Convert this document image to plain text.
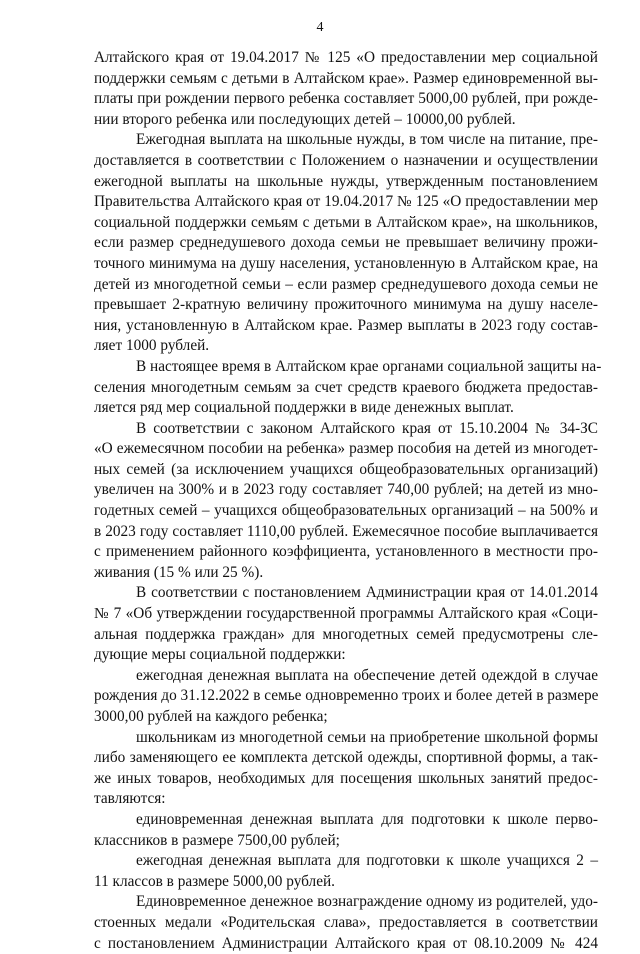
4
Алтайского края от 19.04.2017 № 125 «О предоставлении мер социальной
поддержки семьям с детьми в Алтайском крае». Размер единовременной вы-
платы при рождении первого ребенка составляет 5000,00 рублей, при рожде-
нии второго ребенка или последующих детей – 10000,00 рублей.
Ежегодная выплата на школьные нужды, в том числе на питание, пре-
доставляется в соответствии с Положением о назначении и осуществлении
ежегодной выплаты на школьные нужды, утвержденным постановлением
Правительства Алтайского края от 19.04.2017 № 125 «О предоставлении мер
социальной поддержки семьям с детьми в Алтайском крае», на школьников,
если размер среднедушевого дохода семьи не превышает величину прожи-
точного минимума на душу населения, установленную в Алтайском крае, на
детей из многодетной семьи – если размер среднедушевого дохода семьи не
превышает 2-кратную величину прожиточного минимума на душу населе-
ния, установленную в Алтайском крае. Размер выплаты в 2023 году состав-
ляет 1000 рублей.
В настоящее время в Алтайском крае органами социальной защиты на-
селения многодетным семьям за счет средств краевого бюджета предостав-
ляется ряд мер социальной поддержки в виде денежных выплат.
В соответствии с законом Алтайского края от 15.10.2004 № 34-ЗС
«О ежемесячном пособии на ребенка» размер пособия на детей из многодет-
ных семей (за исключением учащихся общеобразовательных организаций)
увеличен на 300% и в 2023 году составляет 740,00 рублей; на детей из мно-
годетных семей – учащихся общеобразовательных организаций – на 500% и
в 2023 году составляет 1110,00 рублей. Ежемесячное пособие выплачивается
с применением районного коэффициента, установленного в местности про-
живания (15 % или 25 %).
В соответствии с постановлением Администрации края от 14.01.2014
№ 7 «Об утверждении государственной программы Алтайского края «Соци-
альная поддержка граждан» для многодетных семей предусмотрены сле-
дующие меры социальной поддержки:
ежегодная денежная выплата на обеспечение детей одеждой в случае
рождения до 31.12.2022 в семье одновременно троих и более детей в размере
3000,00 рублей на каждого ребенка;
школьникам из многодетной семьи на приобретение школьной формы
либо заменяющего ее комплекта детской одежды, спортивной формы, а так-
же иных товаров, необходимых для посещения школьных занятий предос-
тавляются:
единовременная денежная выплата для подготовки к школе перво-
классников в размере 7500,00 рублей;
ежегодная денежная выплата для подготовки к школе учащихся 2 –
11 классов в размере 5000,00 рублей.
Единовременное денежное вознаграждение одному из родителей, удо-
стоенных медали «Родительская слава», предоставляется в соответствии
с постановлением Администрации Алтайского края от 08.10.2009 № 424
